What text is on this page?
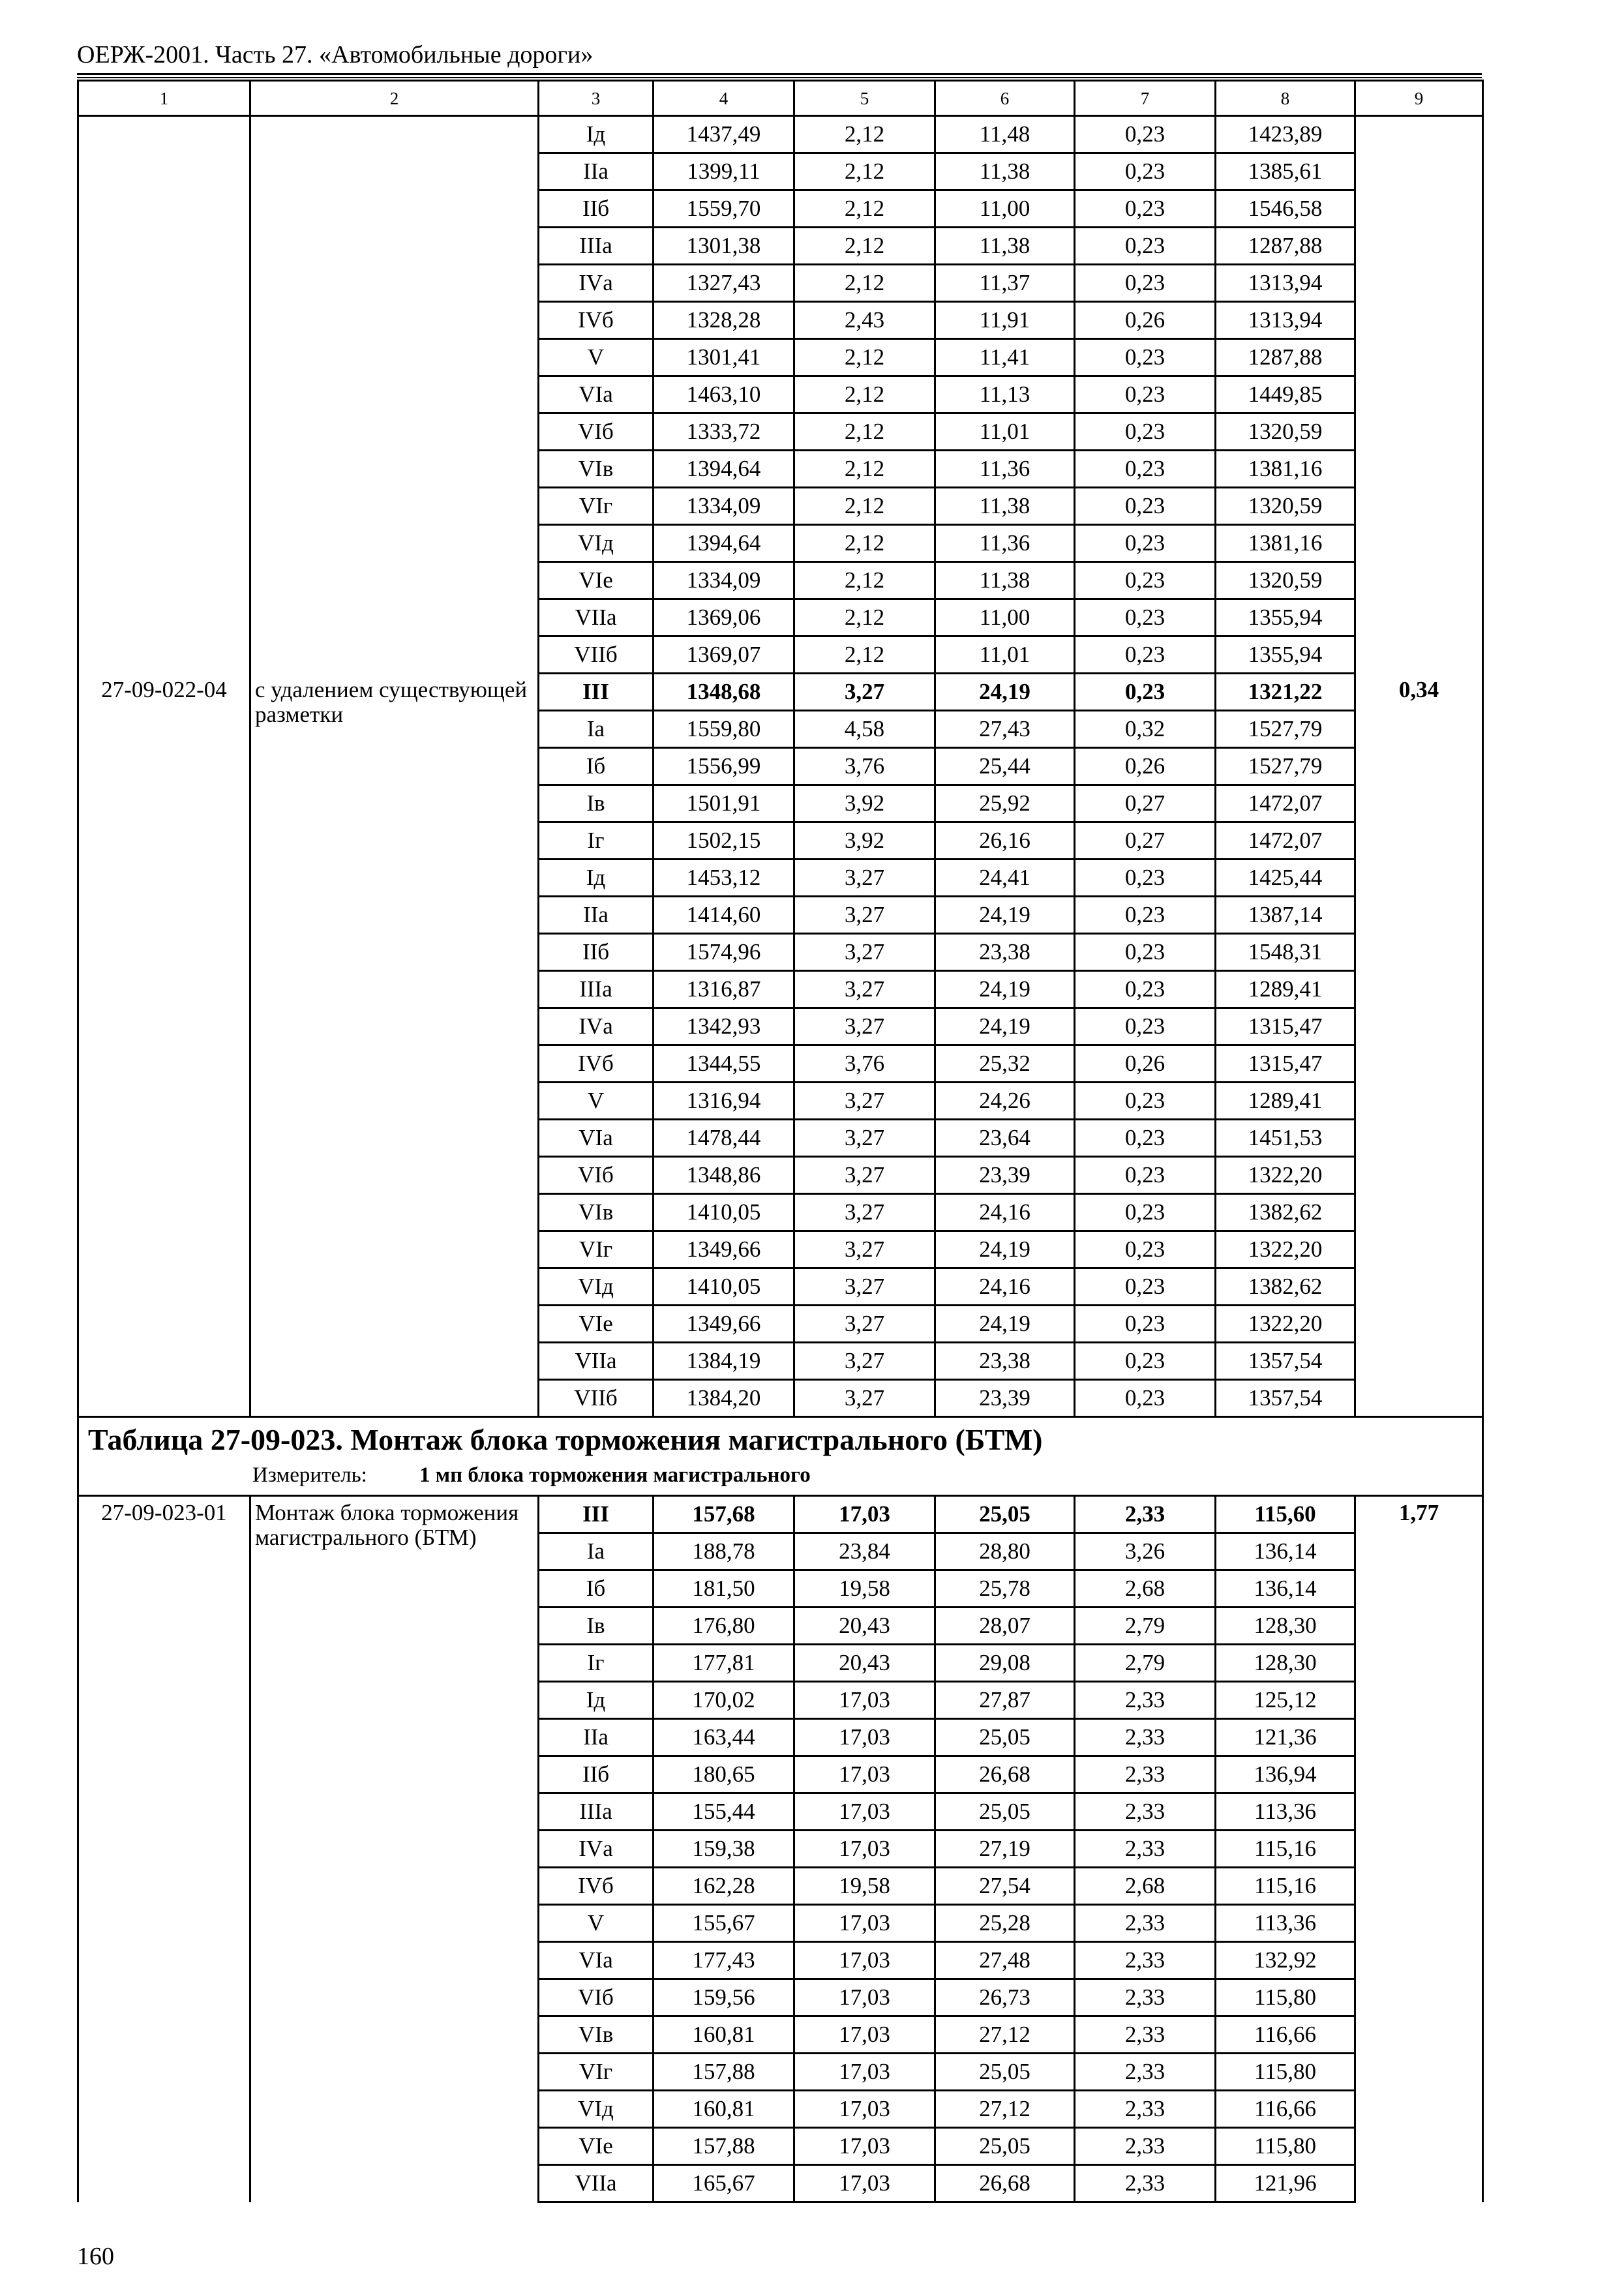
ОЕРЖ-2001. Часть 27. «Автомобильные дороги»
1	2	3	4	5	6	7	8	9
		Iд	1437,49	2,12	11,48	0,23	1423,89	
		IIа	1399,11	2,12	11,38	0,23	1385,61	
		IIб	1559,70	2,12	11,00	0,23	1546,58	
		IIIа	1301,38	2,12	11,38	0,23	1287,88	
		IVа	1327,43	2,12	11,37	0,23	1313,94	
		IVб	1328,28	2,43	11,91	0,26	1313,94	
		V	1301,41	2,12	11,41	0,23	1287,88	
		VIа	1463,10	2,12	11,13	0,23	1449,85	
		VIб	1333,72	2,12	11,01	0,23	1320,59	
		VIв	1394,64	2,12	11,36	0,23	1381,16	
		VIг	1334,09	2,12	11,38	0,23	1320,59	
		VIд	1394,64	2,12	11,36	0,23	1381,16	
		VIе	1334,09	2,12	11,38	0,23	1320,59	
		VIIа	1369,06	2,12	11,00	0,23	1355,94	
		VIIб	1369,07	2,12	11,01	0,23	1355,94	
27-09-022-04	с удалением существующей разметки	III	1348,68	3,27	24,19	0,23	1321,22	0,34
		Iа	1559,80	4,58	27,43	0,32	1527,79	
		Iб	1556,99	3,76	25,44	0,26	1527,79	
		Iв	1501,91	3,92	25,92	0,27	1472,07	
		Iг	1502,15	3,92	26,16	0,27	1472,07	
		Iд	1453,12	3,27	24,41	0,23	1425,44	
		IIа	1414,60	3,27	24,19	0,23	1387,14	
		IIб	1574,96	3,27	23,38	0,23	1548,31	
		IIIа	1316,87	3,27	24,19	0,23	1289,41	
		IVа	1342,93	3,27	24,19	0,23	1315,47	
		IVб	1344,55	3,76	25,32	0,26	1315,47	
		V	1316,94	3,27	24,26	0,23	1289,41	
		VIа	1478,44	3,27	23,64	0,23	1451,53	
		VIб	1348,86	3,27	23,39	0,23	1322,20	
		VIв	1410,05	3,27	24,16	0,23	1382,62	
		VIг	1349,66	3,27	24,19	0,23	1322,20	
		VIд	1410,05	3,27	24,16	0,23	1382,62	
		VIе	1349,66	3,27	24,19	0,23	1322,20	
		VIIа	1384,19	3,27	23,38	0,23	1357,54	
		VIIб	1384,20	3,27	23,39	0,23	1357,54	

Таблица 27-09-023. Монтаж блока торможения магистрального (БТМ)
Измеритель: 1 мп блока торможения магистрального								

27-09-023-01	Монтаж блока торможения магистрального (БТМ)	III	157,68	17,03	25,05	2,33	115,60	1,77
		Iа	188,78	23,84	28,80	3,26	136,14	
		Iб	181,50	19,58	25,78	2,68	136,14	
		Iв	176,80	20,43	28,07	2,79	128,30	
		Iг	177,81	20,43	29,08	2,79	128,30	
		Iд	170,02	17,03	27,87	2,33	125,12	
		IIа	163,44	17,03	25,05	2,33	121,36	
		IIб	180,65	17,03	26,68	2,33	136,94	
		IIIа	155,44	17,03	25,05	2,33	113,36	
		IVа	159,38	17,03	27,19	2,33	115,16	
		IVб	162,28	19,58	27,54	2,68	115,16	
		V	155,67	17,03	25,28	2,33	113,36	
		VIа	177,43	17,03	27,48	2,33	132,92	
		VIб	159,56	17,03	26,73	2,33	115,80	
		VIв	160,81	17,03	27,12	2,33	116,66	
		VIг	157,88	17,03	25,05	2,33	115,80	
		VIд	160,81	17,03	27,12	2,33	116,66	
		VIе	157,88	17,03	25,05	2,33	115,80	
		VIIа	165,67	17,03	26,68	2,33	121,96	
160
